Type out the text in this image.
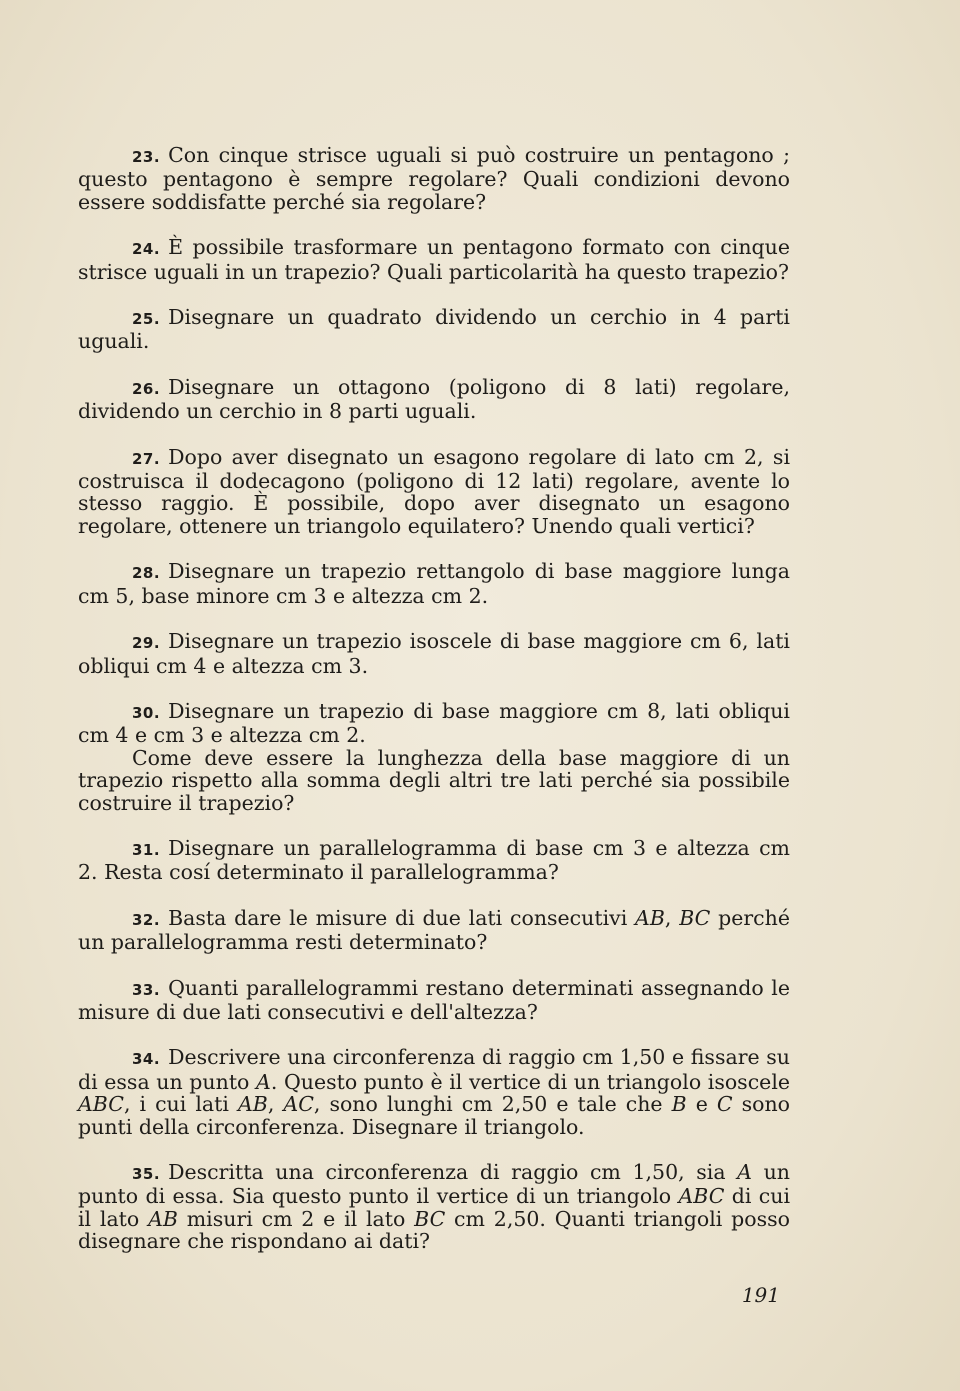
23. Con cinque strisce uguali si può costruire un pentagono ; questo pentagono è sempre regolare? Quali condizioni devono essere soddisfatte perché sia regolare?

24. È possibile trasformare un pentagono formato con cinque strisce uguali in un trapezio? Quali particolarità ha questo trapezio?

25. Disegnare un quadrato dividendo un cerchio in 4 parti uguali.

26. Disegnare un ottagono (poligono di 8 lati) regolare, dividendo un cerchio in 8 parti uguali.

27. Dopo aver disegnato un esagono regolare di lato cm 2, si costruisca il dodecagono (poligono di 12 lati) regolare, avente lo stesso raggio. È possibile, dopo aver disegnato un esagono regolare, ottenere un triangolo equilatero? Unendo quali vertici?

28. Disegnare un trapezio rettangolo di base maggiore lunga cm 5, base minore cm 3 e altezza cm 2.

29. Disegnare un trapezio isoscele di base maggiore cm 6, lati obliqui cm 4 e altezza cm 3.

30. Disegnare un trapezio di base maggiore cm 8, lati obliqui cm 4 e cm 3 e altezza cm 2.

Come deve essere la lunghezza della base maggiore di un trapezio rispetto alla somma degli altri tre lati perché sia possibile costruire il trapezio?

31. Disegnare un parallelogramma di base cm 3 e altezza cm 2. Resta cosí determinato il parallelogramma?

32. Basta dare le misure di due lati consecutivi AB, BC perché un parallelogramma resti determinato?

33. Quanti parallelogrammi restano determinati assegnando le misure di due lati consecutivi e dell'altezza?

34. Descrivere una circonferenza di raggio cm 1,50 e fissare su di essa un punto A. Questo punto è il vertice di un triangolo isoscele ABC, i cui lati AB, AC, sono lunghi cm 2,50 e tale che B e C sono punti della circonferenza. Disegnare il triangolo.

35. Descritta una circonferenza di raggio cm 1,50, sia A un punto di essa. Sia questo punto il vertice di un triangolo ABC di cui il lato AB misuri cm 2 e il lato BC cm 2,50. Quanti triangoli posso disegnare che rispondano ai dati?

191
